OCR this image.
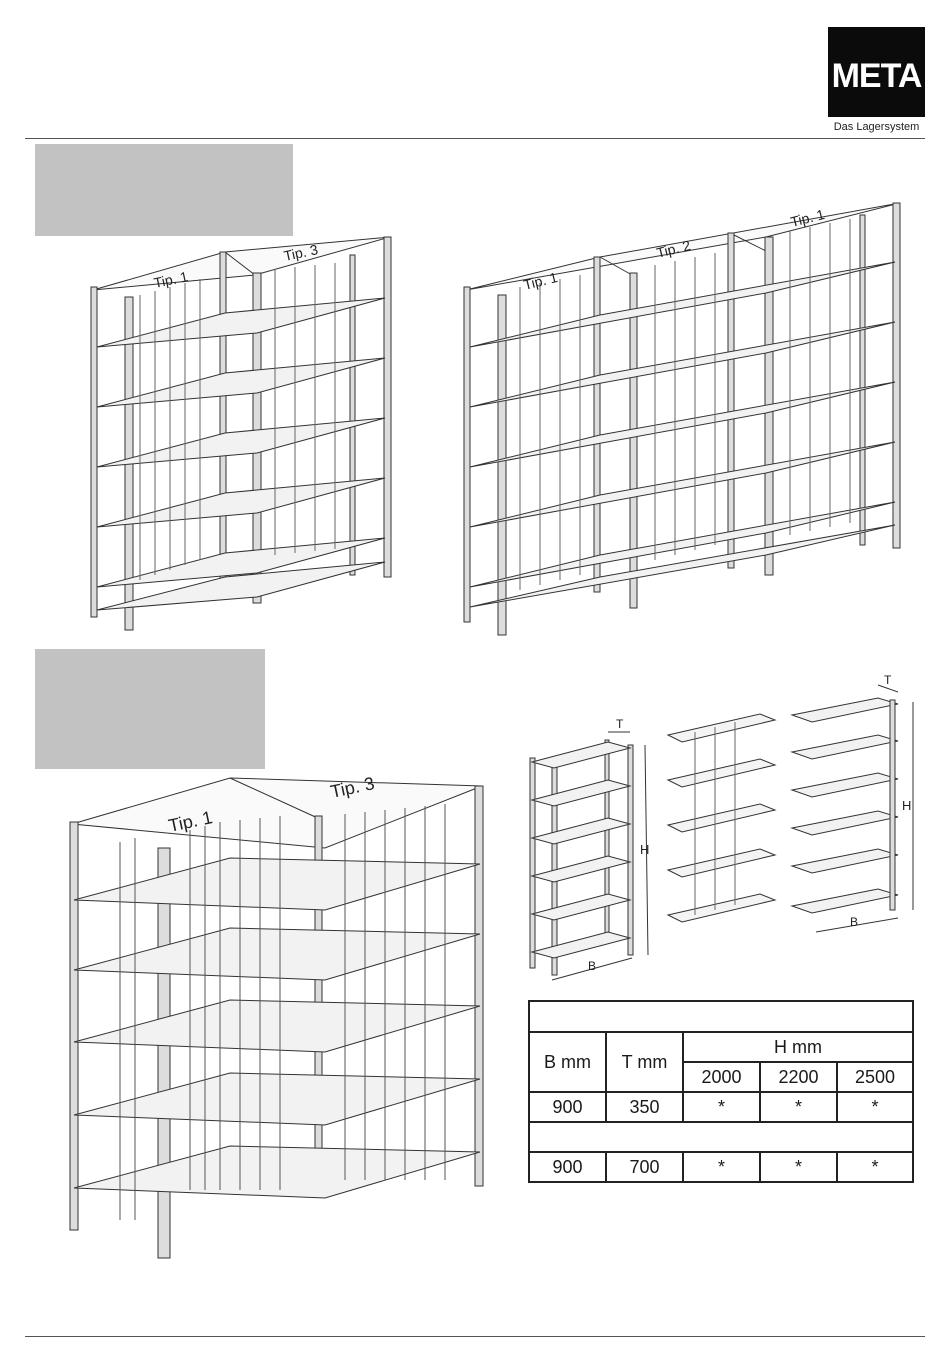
META
Das Lagersystem
Tip. 1
Tip. 3
Tip. 1
Tip. 2
Tip. 1
Tip. 1
Tip. 3
T
H
B
T
H
B

B mm	T mm	H mm		
		2000	2200	2500
900	350	*	*	*

900	700	*	*	*
